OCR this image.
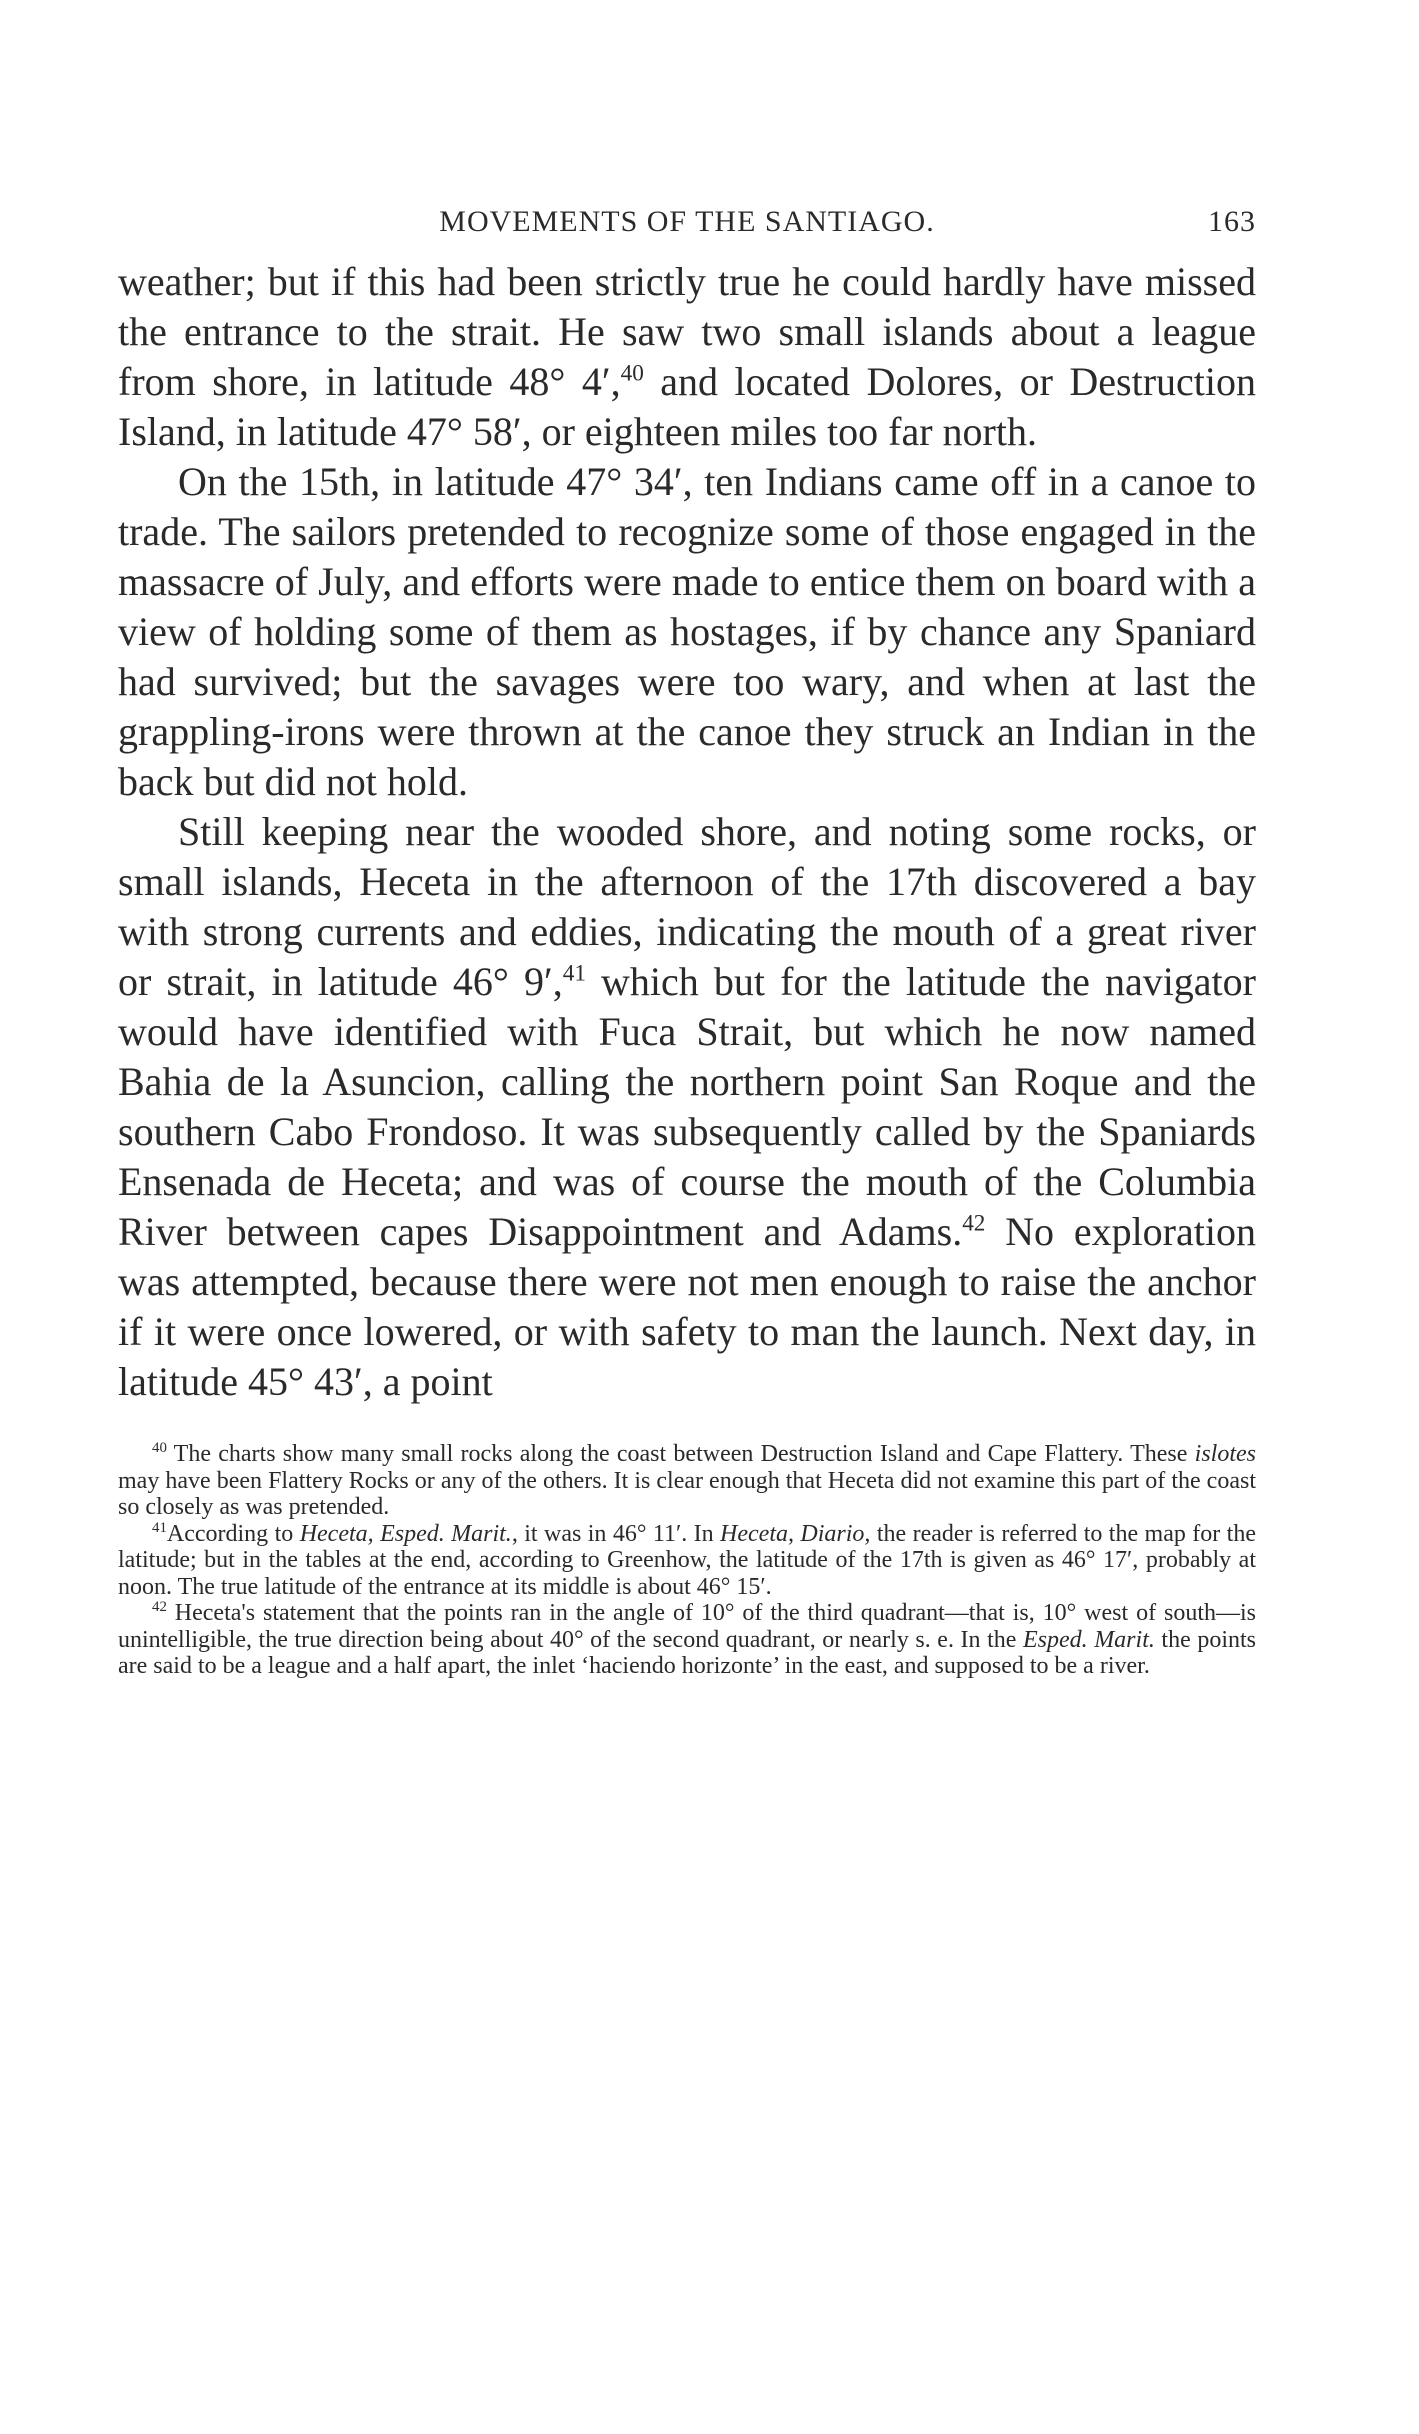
MOVEMENTS OF THE SANTIAGO.	163

weather; but if this had been strictly true he could hardly have missed the entrance to the strait. He saw two small islands about a league from shore, in latitude 48° 4′,$^{40}$ and located Dolores, or Destruction Island, in latitude 47° 58′, or eighteen miles too far north.

On the 15th, in latitude 47° 34′, ten Indians came off in a canoe to trade. The sailors pretended to recognize some of those engaged in the massacre of July, and efforts were made to entice them on board with a view of holding some of them as hostages, if by chance any Spaniard had survived; but the savages were too wary, and when at last the grappling-irons were thrown at the canoe they struck an Indian in the back but did not hold.

Still keeping near the wooded shore, and noting some rocks, or small islands, Heceta in the afternoon of the 17th discovered a bay with strong currents and eddies, indicating the mouth of a great river or strait, in latitude 46° 9′,$^{41}$ which but for the latitude the navigator would have identified with Fuca Strait, but which he now named Bahia de la Asuncion, calling the northern point San Roque and the southern Cabo Frondoso. It was subsequently called by the Spaniards Ensenada de Heceta; and was of course the mouth of the Columbia River between capes Disappointment and Adams.$^{42}$ No exploration was attempted, because there were not men enough to raise the anchor if it were once lowered, or with safety to man the launch. Next day, in latitude 45° 43′, a point

$^{40}$ The charts show many small rocks along the coast between Destruction Island and Cape Flattery. These islotes may have been Flattery Rocks or any of the others. It is clear enough that Heceta did not examine this part of the coast so closely as was pretended.

$^{41}$According to Heceta, Esped. Marit., it was in 46° 11′. In Heceta, Diario, the reader is referred to the map for the latitude; but in the tables at the end, according to Greenhow, the latitude of the 17th is given as 46° 17′, probably at noon. The true latitude of the entrance at its middle is about 46° 15′.

$^{42}$ Heceta's statement that the points ran in the angle of 10° of the third quadrant—that is, 10° west of south—is unintelligible, the true direction being about 40° of the second quadrant, or nearly s. e. In the Esped. Marit. the points are said to be a league and a half apart, the inlet ‘haciendo horizonte’ in the east, and supposed to be a river.
